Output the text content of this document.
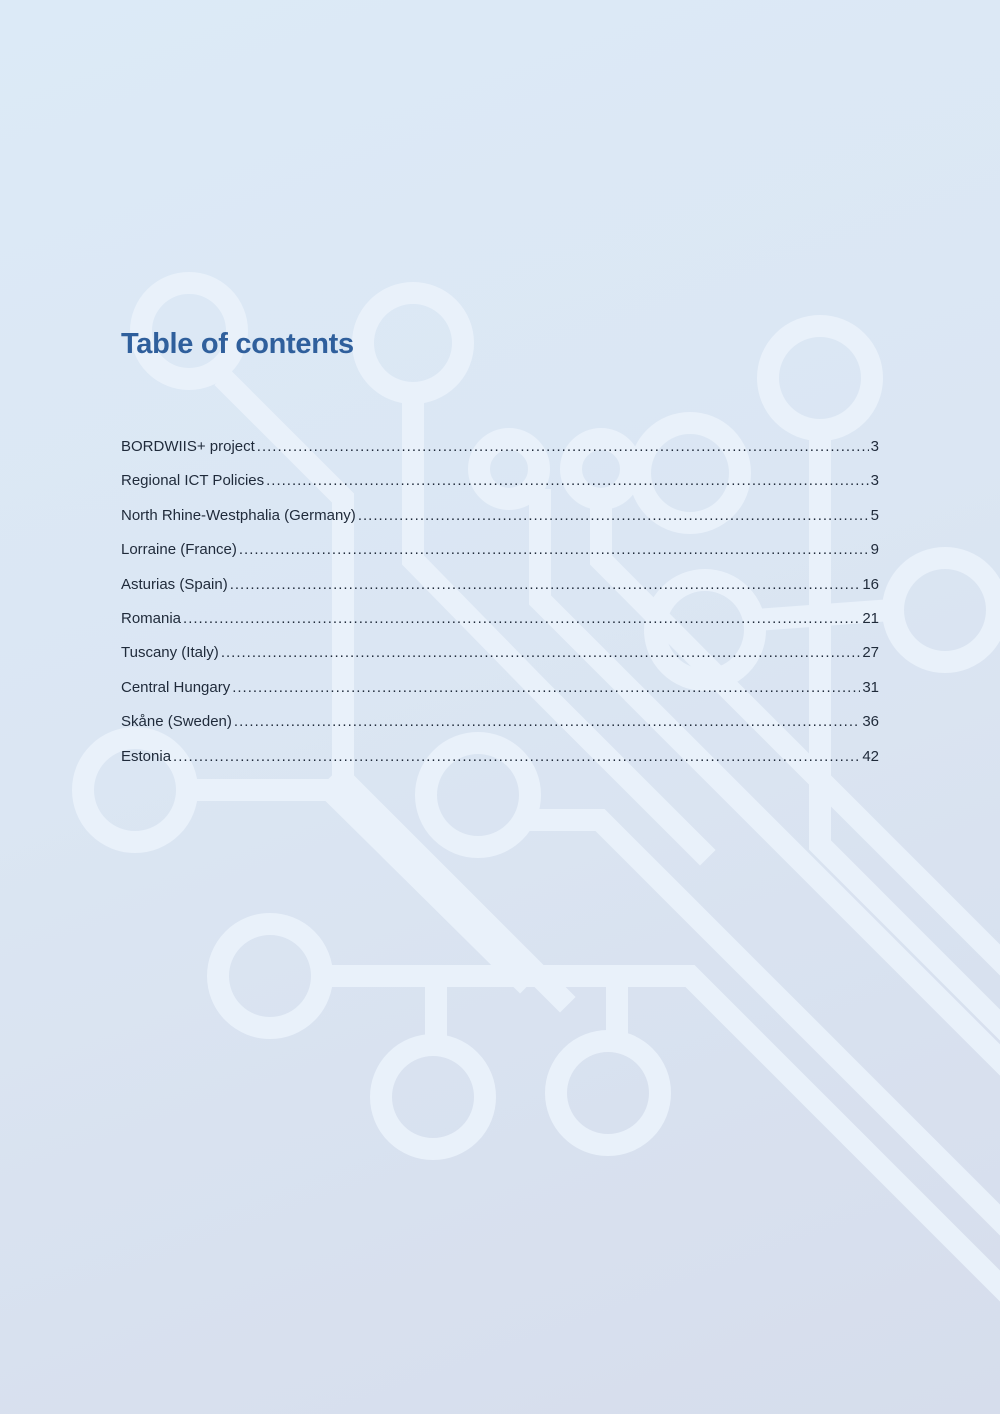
Table of contents
BORDWIIS+ project .....	3
Regional ICT Policies .....	3
North Rhine-Westphalia (Germany) .....	5
Lorraine (France) .....	9
Asturias (Spain) .....	16
Romania .....	21
Tuscany (Italy) .....	27
Central Hungary .....	31
Skåne (Sweden) .....	36
Estonia .....	42
